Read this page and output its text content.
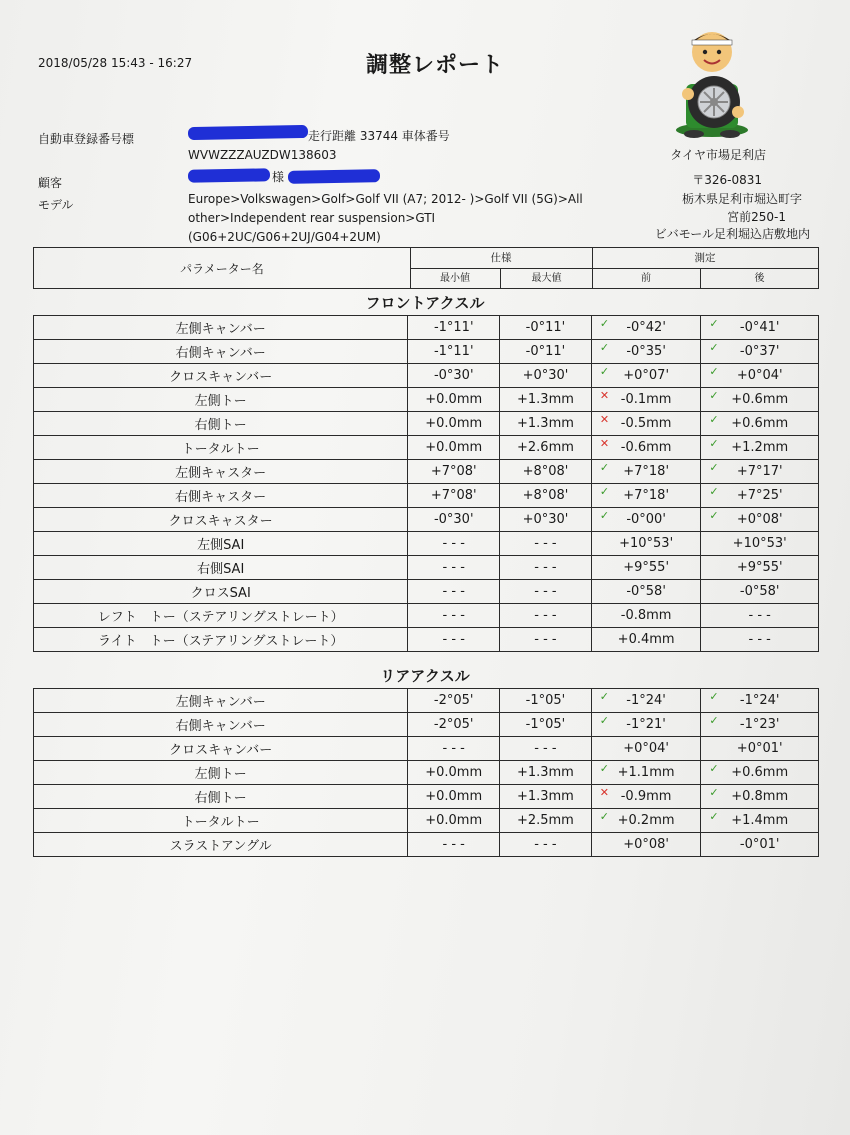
2018/05/28 15:43 - 16:27	調整レポート
自動車登録番号標	走行距離 33744 車体番号
WVWZZZAUZDW138603
顧客	様
モデル	Europe>Volkswagen>Golf>Golf VII (A7; 2012- )>Golf VII (5G)>All
other>Independent rear suspension>GTI
(G06+2UC/G06+2UJ/G04+2UM)
タイヤ市場足利店
〒326-0831
栃木県足利市堀込町字
宮前250-1
ビバモール足利堀込店敷地内
パラメーター名
仕様	測定
最小値	最大値	前	後
フロントアクスル
左側キャンバー	-1°11'	-0°11'	✓ -0°42'	✓ -0°41'
右側キャンバー	-1°11'	-0°11'	✓ -0°35'	✓ -0°37'
クロスキャンバー	-0°30'	+0°30'	✓ +0°07'	✓ +0°04'
左側トー	+0.0mm	+1.3mm	✕ -0.1mm	✓ +0.6mm
右側トー	+0.0mm	+1.3mm	✕ -0.5mm	✓ +0.6mm
トータルトー	+0.0mm	+2.6mm	✕ -0.6mm	✓ +1.2mm
左側キャスター	+7°08'	+8°08'	✓ +7°18'	✓ +7°17'
右側キャスター	+7°08'	+8°08'	✓ +7°18'	✓ +7°25'
クロスキャスター	-0°30'	+0°30'	✓ -0°00'	✓ +0°08'
左側SAI	- - -	- - -	+10°53'	+10°53'
右側SAI	- - -	- - -	+9°55'	+9°55'
クロスSAI	- - -	- - -	-0°58'	-0°58'
レフト　トー（ステアリングストレート）	- - -	- - -	-0.8mm	- - -
ライト　トー（ステアリングストレート）	- - -	- - -	+0.4mm	- - -
リアアクスル
左側キャンバー	-2°05'	-1°05'	✓ -1°24'	✓ -1°24'
右側キャンバー	-2°05'	-1°05'	✓ -1°21'	✓ -1°23'
クロスキャンバー	- - -	- - -	+0°04'	+0°01'
左側トー	+0.0mm	+1.3mm	✓ +1.1mm	✓ +0.6mm
右側トー	+0.0mm	+1.3mm	✕ -0.9mm	✓ +0.8mm
トータルトー	+0.0mm	+2.5mm	✓ +0.2mm	✓ +1.4mm
スラストアングル	- - -	- - -	+0°08'	-0°01'
